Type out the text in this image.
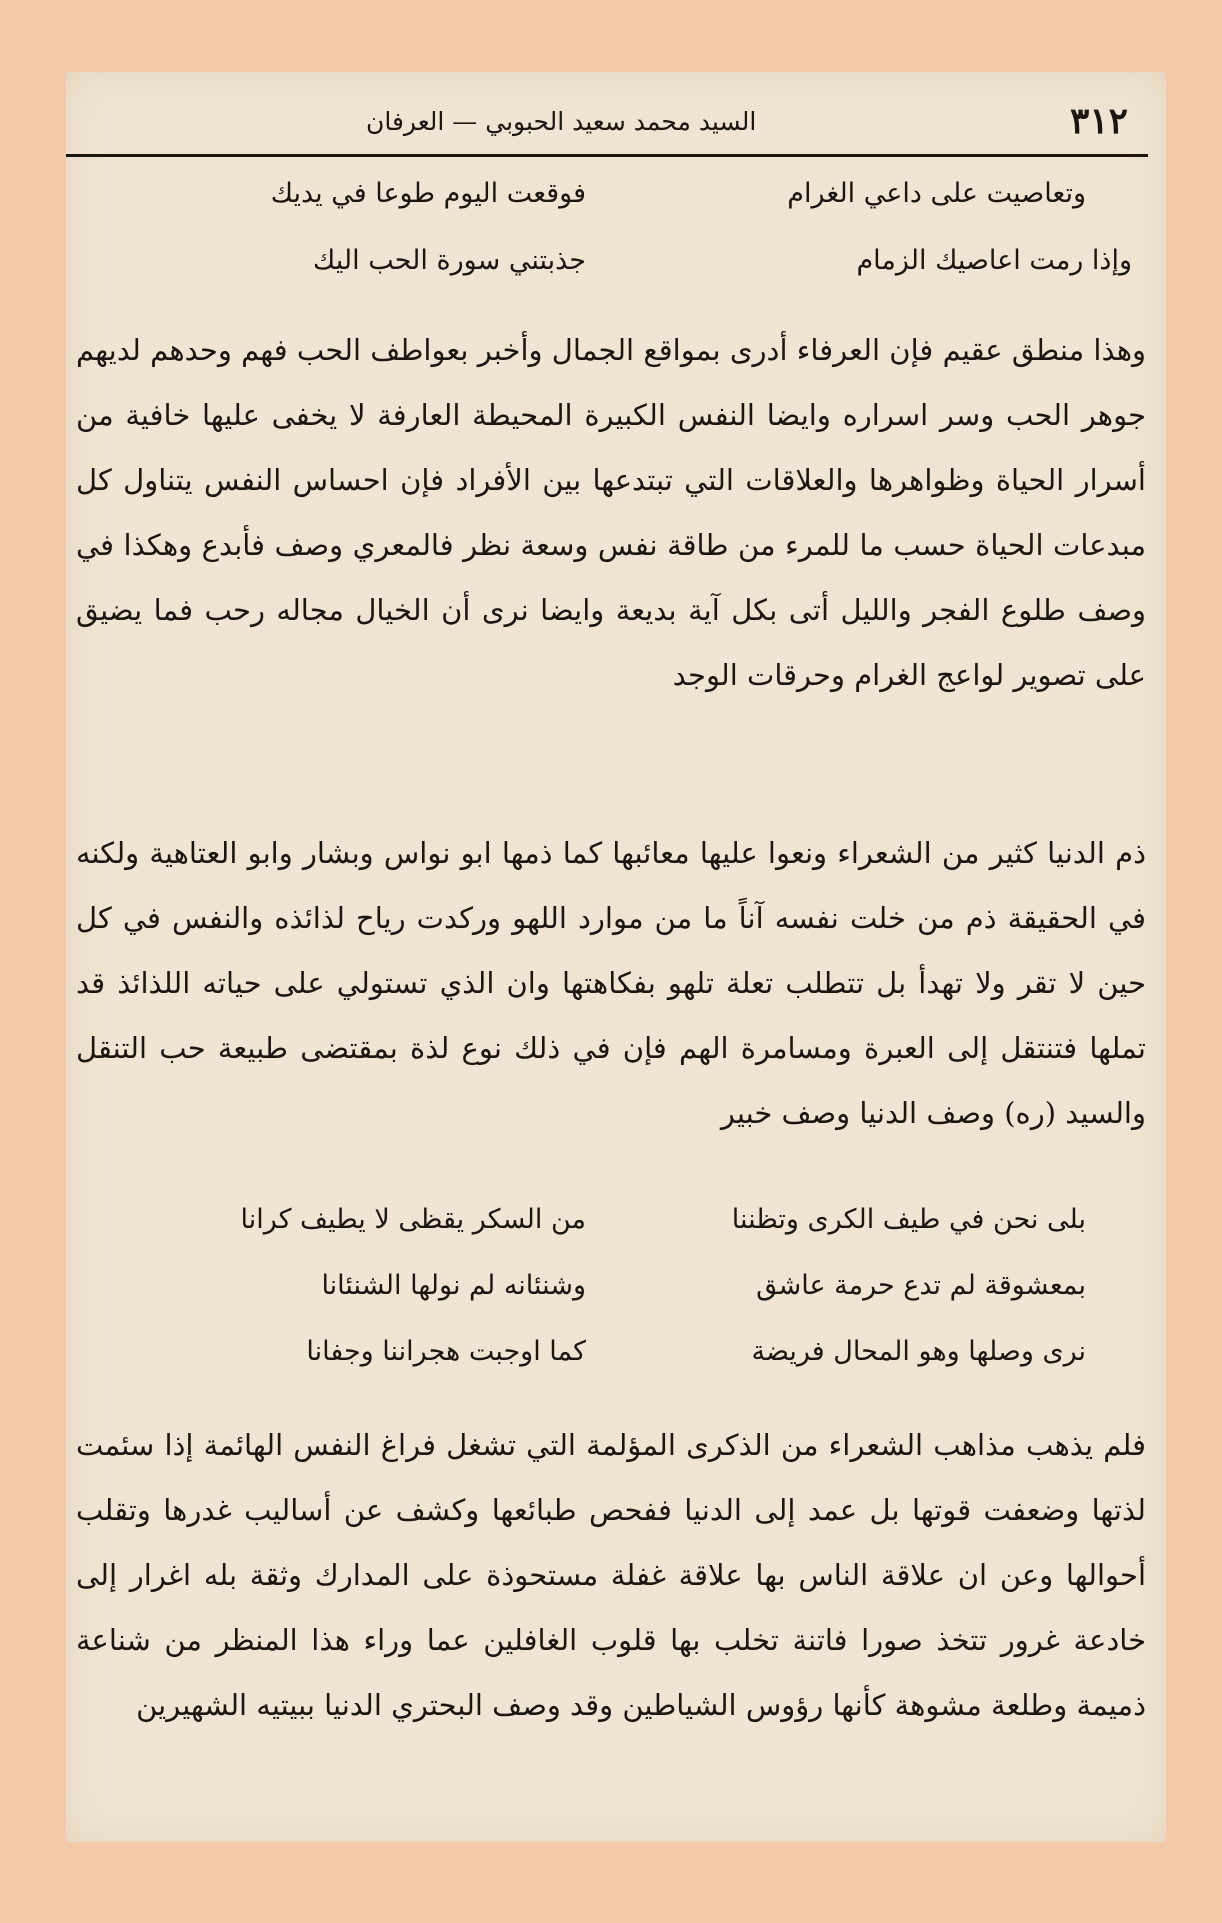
٣١٢
السيد محمد سعيد الحبوبي — العرفان
وتعاصيت على داعي الغرام
فوقعت اليوم طوعا في يديك
وإذا رمت اعاصيك الزمام
جذبتني سورة الحب اليك

وهذا منطق عقيم فإن العرفاء أدرى بمواقع الجمال وأخبر بعواطف الحب فهم وحدهم لديهم جوهر الحب وسر اسراره وايضا النفس الكبيرة المحيطة العارفة لا يخفى عليها خافية من أسرار الحياة وظواهرها والعلاقات التي تبتدعها بين الأفراد فإن احساس النفس يتناول كل مبدعات الحياة حسب ما للمرء من طاقة نفس وسعة نظر فالمعري وصف فأبدع وهكذا في وصف طلوع الفجر والليل أتى بكل آية بديعة وايضا نرى أن الخيال مجاله رحب فما يضيق على تصوير لواعج الغرام وحرقات الوجد

ذم الدنيا كثير من الشعراء ونعوا عليها معائبها كما ذمها ابو نواس وبشار وابو العتاهية ولكنه في الحقيقة ذم من خلت نفسه آناً ما من موارد اللهو وركدت رياح لذائذه والنفس في كل حين لا تقر ولا تهدأ بل تتطلب تعلة تلهو بفكاهتها وان الذي تستولي على حياته اللذائذ قد تملها فتنتقل إلى العبرة ومسامرة الهم فإن في ذلك نوع لذة بمقتضى طبيعة حب التنقل والسيد (ره) وصف الدنيا وصف خبير

بلى نحن في طيف الكرى وتظننا
من السكر يقظى لا يطيف كرانا
بمعشوقة لم تدع حرمة عاشق
وشنئانه لم نولها الشنئانا
نرى وصلها وهو المحال فريضة
كما اوجبت هجراننا وجفانا

فلم يذهب مذاهب الشعراء من الذكرى المؤلمة التي تشغل فراغ النفس الهائمة إذا سئمت لذتها وضعفت قوتها بل عمد إلى الدنيا ففحص طبائعها وكشف عن أساليب غدرها وتقلب أحوالها وعن ان علاقة الناس بها علاقة غفلة مستحوذة على المدارك وثقة بله اغرار إلى خادعة غرور تتخذ صورا فاتنة تخلب بها قلوب الغافلين عما وراء هذا المنظر من شناعة ذميمة وطلعة مشوهة كأنها رؤوس الشياطين وقد وصف البحتري الدنيا ببيتيه الشهيرين
